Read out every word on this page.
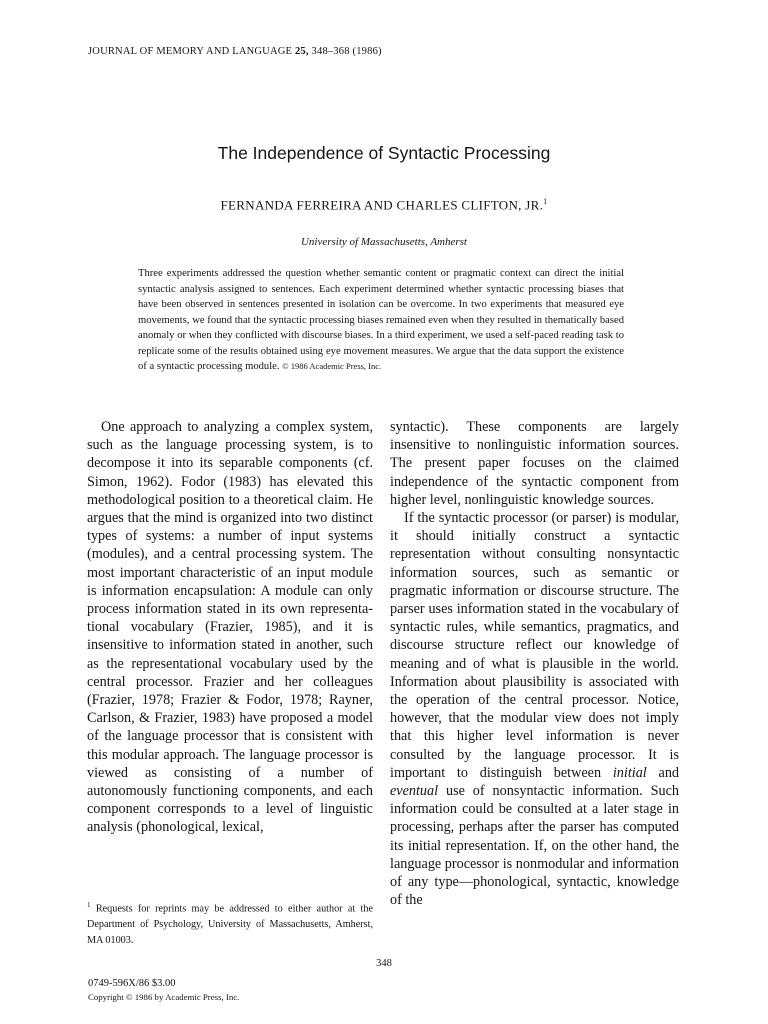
JOURNAL OF MEMORY AND LANGUAGE 25, 348–368 (1986)
The Independence of Syntactic Processing
FERNANDA FERREIRA AND CHARLES CLIFTON, JR.$^1$
University of Massachusetts, Amherst
Three experiments addressed the question whether semantic content or pragmatic context can direct the initial syntactic analysis assigned to sentences. Each experiment determined whether syntactic processing biases that have been observed in sentences presented in isolation can be overcome. In two experiments that measured eye movements, we found that the syntactic processing biases remained even when they resulted in thematically based anomaly or when they conflicted with discourse biases. In a third experiment, we used a self-paced reading task to replicate some of the results obtained using eye movement measures. We argue that the data support the existence of a syntactic processing module. © 1986 Academic Press, Inc.

One approach to analyzing a complex system, such as the language processing system, is to decompose it into its separable components (cf. Simon, 1962). Fodor (1983) has elevated this methodological position to a theoretical claim. He argues that the mind is organized into two distinct types of systems: a number of input systems (modules), and a central processing system. The most important characteristic of an input module is information encapsulation: A module can only process information stated in its own representational vocabulary (Frazier, 1985), and it is insensitive to information stated in another, such as the representational vocabulary used by the central processor. Frazier and her colleagues (Frazier, 1978; Frazier & Fodor, 1978; Rayner, Carlson, & Frazier, 1983) have proposed a model of the language processor that is consistent with this modular approach. The language processor is viewed as consisting of a number of autonomously functioning components, and each component corresponds to a level of linguistic analysis (phonological, lexical,

syntactic). These components are largely insensitive to nonlinguistic information sources. The present paper focuses on the claimed independence of the syntactic component from higher level, nonlinguistic knowledge sources.

If the syntactic processor (or parser) is modular, it should initially construct a syntactic representation without consulting nonsyntactic information sources, such as semantic or pragmatic information or discourse structure. The parser uses information stated in the vocabulary of syntactic rules, while semantics, pragmatics, and discourse structure reflect our knowledge of meaning and of what is plausible in the world. Information about plausibility is associated with the operation of the central processor. Notice, however, that the modular view does not imply that this higher level information is never consulted by the language processor. It is important to distinguish between initial and eventual use of nonsyntactic information. Such information could be consulted at a later stage in processing, perhaps after the parser has computed its initial representation. If, on the other hand, the language processor is nonmodular and information of any type—phonological, syntactic, knowledge of the

$^1$ Requests for reprints may be addressed to either author at the Department of Psychology, University of Massachusetts, Amherst, MA 01003.
348
0749-596X/86 $3.00
Copyright © 1986 by Academic Press, Inc.
